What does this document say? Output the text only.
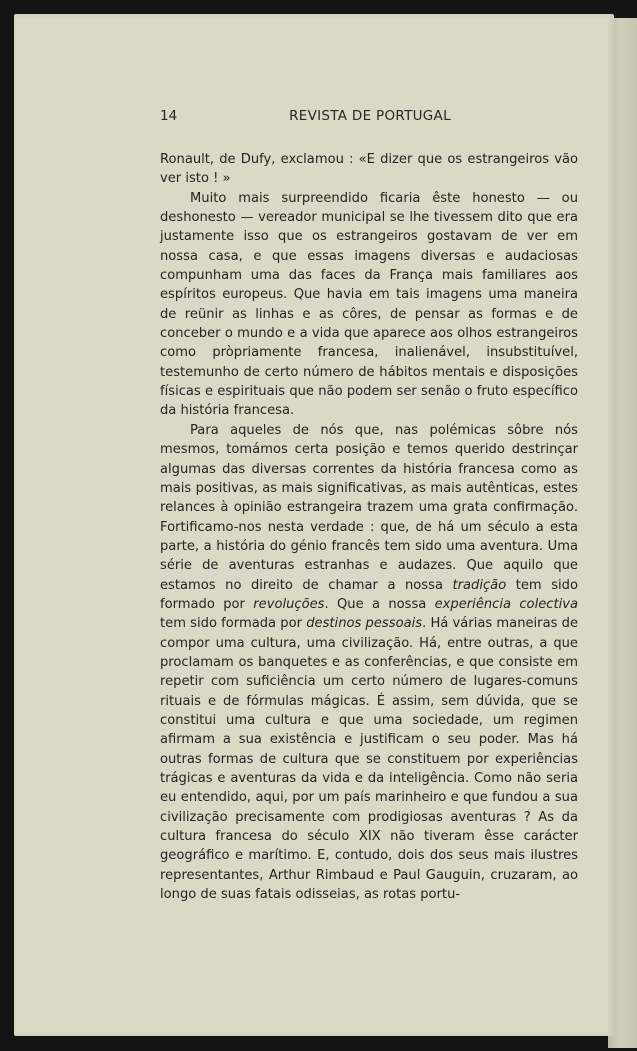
14	REVISTA DE PORTUGAL

Ronault, de Dufy, exclamou : «E dizer que os estrangeiros vão ver isto ! »

Muito mais surpreendido ficaria êste honesto — ou deshonesto — vereador municipal se lhe tivessem dito que era justamente isso que os estrangeiros gostavam de ver em nossa casa, e que essas imagens diversas e audaciosas compunham uma das faces da França mais familiares aos espíritos europeus. Que havia em tais imagens uma maneira de reünir as linhas e as côres, de pensar as formas e de conceber o mundo e a vida que aparece aos olhos estrangeiros como pròpriamente francesa, inalienável, insubstituível, testemunho de certo número de hábitos mentais e disposições físicas e espirituais que não podem ser senão o fruto específico da história francesa.

Para aqueles de nós que, nas polémicas sôbre nós mesmos, tomámos certa posição e temos querido destrinçar algumas das diversas correntes da história francesa como as mais positivas, as mais significativas, as mais autênticas, estes relances à opinião estrangeira trazem uma grata confirmação. Fortificamo-nos nesta verdade : que, de há um século a esta parte, a história do génio francês tem sido uma aventura. Uma série de aventuras estranhas e audazes. Que aquilo que estamos no direito de chamar a nossa tradição tem sido formado por revoluções. Que a nossa experiência colectiva tem sido formada por destinos pessoais. Há várias maneiras de compor uma cultura, uma civilização. Há, entre outras, a que proclamam os banquetes e as conferências, e que consiste em repetir com suficiência um certo número de lugares-comuns rituais e de fórmulas mágicas. É assim, sem dúvida, que se constitui uma cultura e que uma sociedade, um regimen afirmam a sua existência e justificam o seu poder. Mas há outras formas de cultura que se constituem por experiências trágicas e aventuras da vida e da inteligência. Como não seria eu entendido, aqui, por um país marinheiro e que fundou a sua civilização precisamente com prodigiosas aventuras ? As da cultura francesa do século XIX não tiveram êsse carácter geográfico e marítimo. E, contudo, dois dos seus mais ilustres representantes, Arthur Rimbaud e Paul Gauguin, cruzaram, ao longo de suas fatais odisseias, as rotas portu-
